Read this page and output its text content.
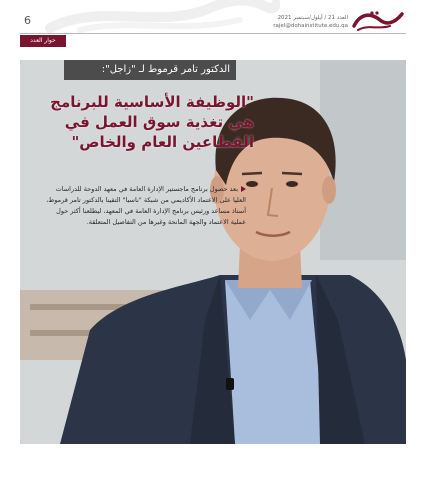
6	العدد 21 / أيلول/سبتمبر 2021
rajel@dohainstitute.edu.qa
حوار العدد
الدكتور تامر قرموط لـ "زاجل":
"الوظيفة الأساسية للبرنامج
هي تغذية سوق العمل في
القطاعين العام والخاص"
بعد حصول برنامج ماجستير الإدارة العامة في معهد الدوحة للدراسات العليا على الاعتماد الأكاديمي من شبكة "ناسبا" التقينا بالدكتور تامر قرموط، أستاذ مساعد ورئيس برنامج الإدارة العامة في المعهد، ليطلعنا أكثر حول عملية الاعتماد والجهة المانحة وغيرها من التفاصيل المتعلقة.
